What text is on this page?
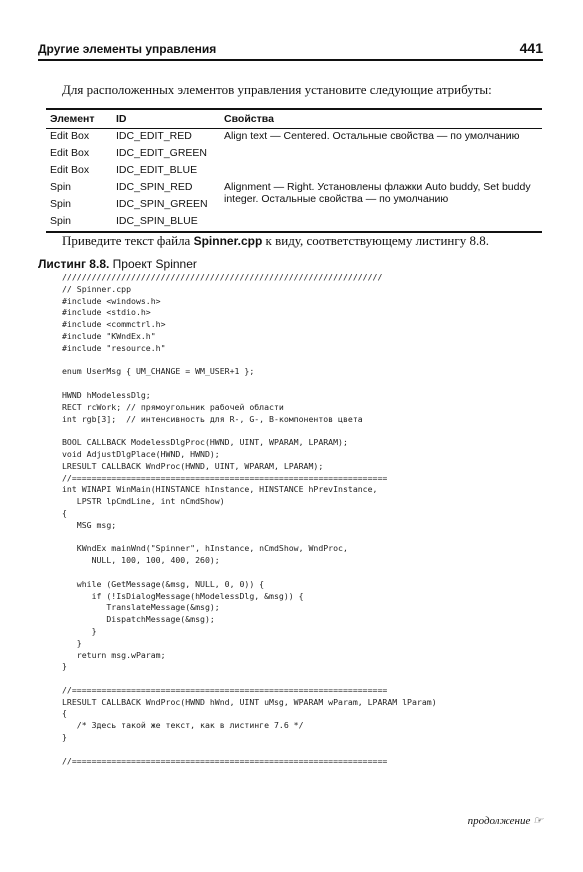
Другие элементы управления	441

Для расположенных элементов управления установите следующие атрибуты:

Элемент	ID	Свойства
Edit Box	IDC_EDIT_RED	Align text — Centered. Остальные свойства — по умолчанию
Edit Box	IDC_EDIT_GREEN	
Edit Box	IDC_EDIT_BLUE	
Spin	IDC_SPIN_RED	Alignment — Right. Установлены флажки Auto buddy, Set buddy integer. Остальные свойства — по умолчанию
Spin	IDC_SPIN_GREEN	
Spin	IDC_SPIN_BLUE	

Приведите текст файла Spinner.cpp к виду, соответствующему листингу 8.8.

Листинг 8.8. Проект Spinner
/////////////////////////////////////////////////////////////////
// Spinner.cpp
#include <windows.h>
#include <stdio.h>
#include <commctrl.h>
#include "KWndEx.h"
#include "resource.h"
enum UserMsg { UM_CHANGE = WM_USER+1 };
HWND hModelessDlg;
RECT rcWork; // прямоугольник рабочей области
int rgb[3];  // интенсивность для R-, G-, B-компонентов цвета
BOOL CALLBACK ModelessDlgProc(HWND, UINT, WPARAM, LPARAM);
void AdjustDlgPlace(HWND, HWND);
LRESULT CALLBACK WndProc(HWND, UINT, WPARAM, LPARAM);
//================================================================
int WINAPI WinMain(HINSTANCE hInstance, HINSTANCE hPrevInstance,
LPSTR lpCmdLine, int nCmdShow)
{
MSG msg;
KWndEx mainWnd("Spinner", hInstance, nCmdShow, WndProc,
NULL, 100, 100, 400, 260);
while (GetMessage(&msg, NULL, 0, 0)) {
if (!IsDialogMessage(hModelessDlg, &msg)) {
TranslateMessage(&msg);
DispatchMessage(&msg);
}
}
return msg.wParam;
}
//================================================================
LRESULT CALLBACK WndProc(HWND hWnd, UINT uMsg, WPARAM wParam, LPARAM lParam)
{
/* Здесь такой же текст, как в листинге 7.6 */
}
//================================================================
продолжение ☞
